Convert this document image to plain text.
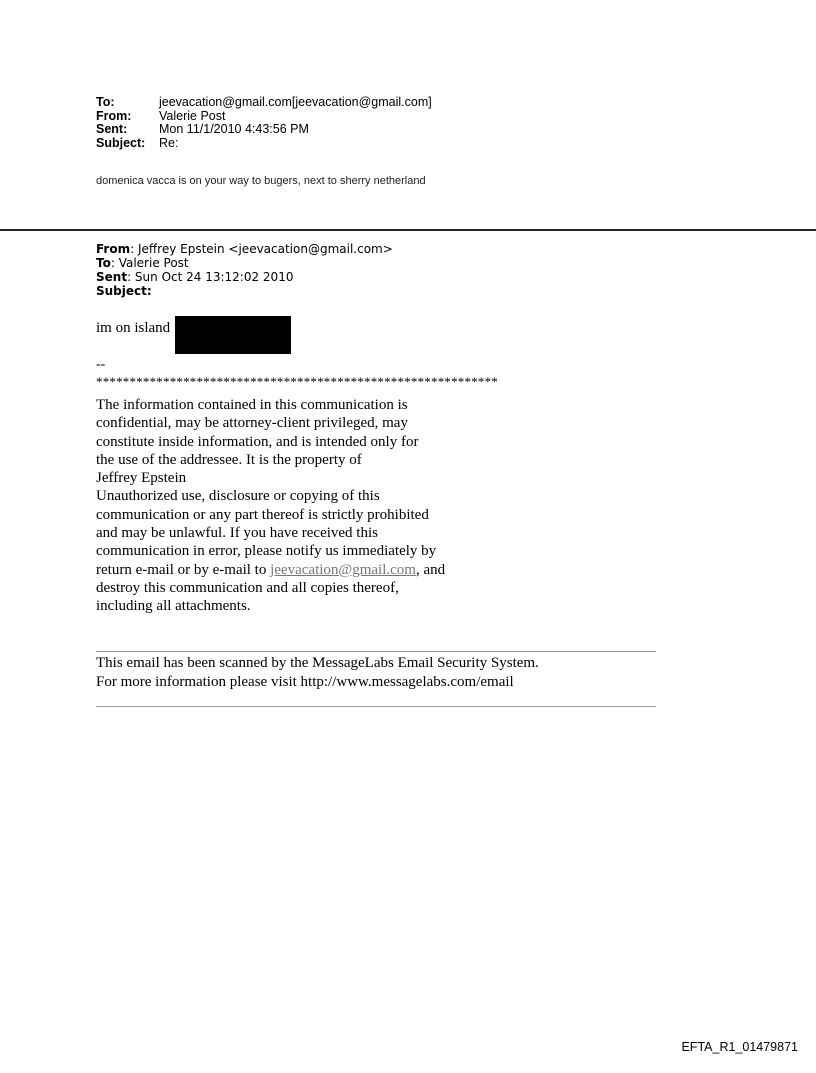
To:	jeevacation@gmail.com[jeevacation@gmail.com]
From:	Valerie Post
Sent:	Mon 11/1/2010 4:43:56 PM
Subject:	Re:
domenica vacca is on your way to bugers, next to sherry netherland
From: Jeffrey Epstein <jeevacation@gmail.com>
To: Valerie Post
Sent: Sun Oct 24 13:12:02 2010
Subject:
im on island
--
************************************************************
The information contained in this communication is
confidential, may be attorney-client privileged, may
constitute inside information, and is intended only for
the use of the addressee. It is the property of
Jeffrey Epstein
Unauthorized use, disclosure or copying of this
communication or any part thereof is strictly prohibited
and may be unlawful. If you have received this
communication in error, please notify us immediately by
return e-mail or by e-mail to jeevacation@gmail.com, and
destroy this communication and all copies thereof,
including all attachments.
This email has been scanned by the MessageLabs Email Security System.
For more information please visit http://www.messagelabs.com/email
EFTA_R1_01479871
